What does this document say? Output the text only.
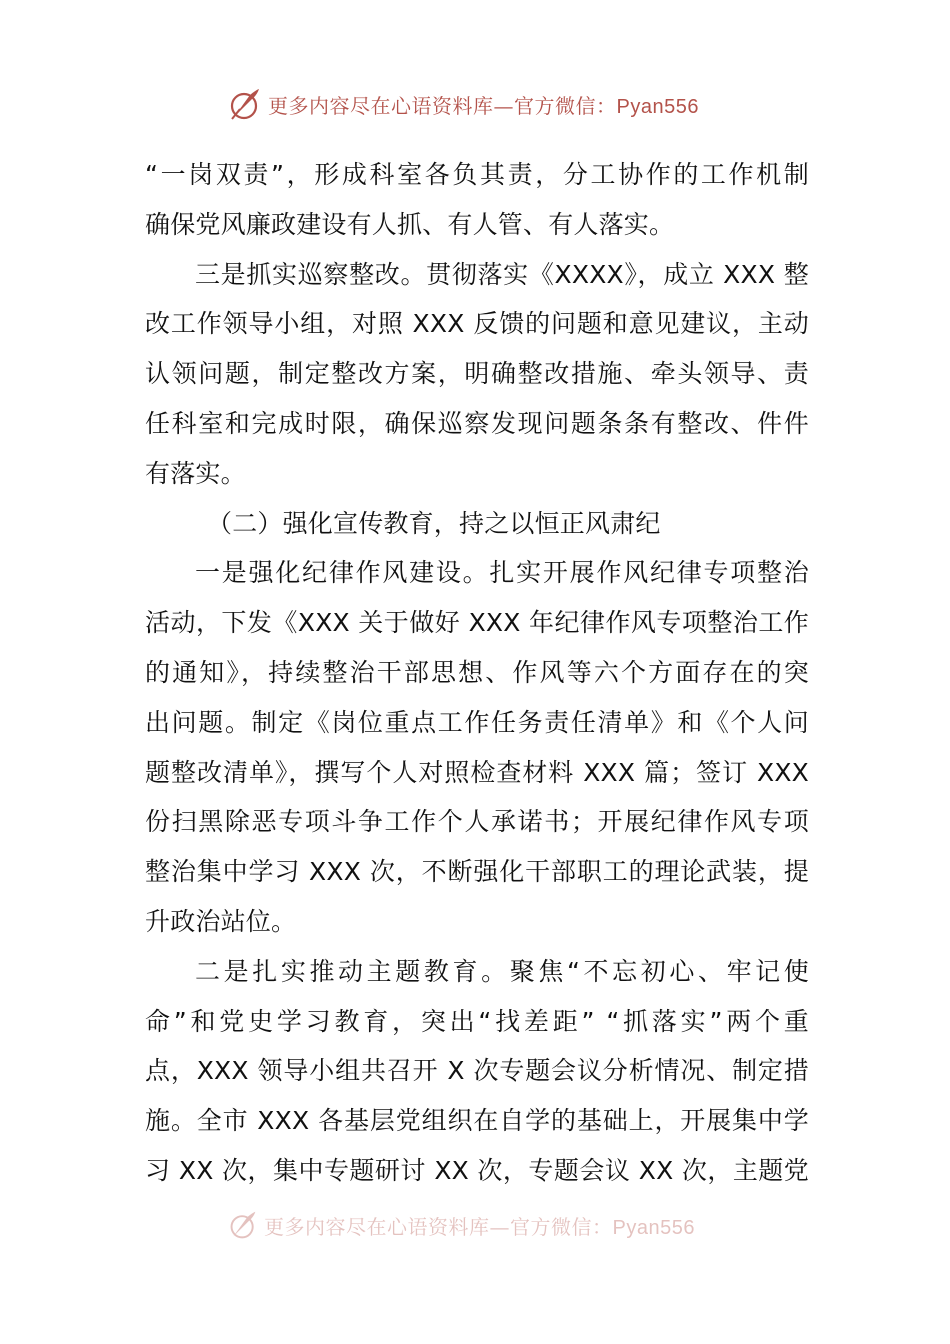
更多内容尽在心语资料库—官方微信：Pyan556
“一岗双责”，形成科室各负其责，分工协作的工作机制
确保党风廉政建设有人抓、有人管、有人落实。
三是抓实巡察整改。贯彻落实《XXXX》，成立 XXX 整
改工作领导小组，对照 XXX 反馈的问题和意见建议，主动
认领问题，制定整改方案，明确整改措施、牵头领导、责
任科室和完成时限，确保巡察发现问题条条有整改、件件
有落实。
（二）强化宣传教育，持之以恒正风肃纪
一是强化纪律作风建设。扎实开展作风纪律专项整治
活动，下发《XXX 关于做好 XXX 年纪律作风专项整治工作
的通知》，持续整治干部思想、作风等六个方面存在的突
出问题。制定《岗位重点工作任务责任清单》和《个人问
题整改清单》，撰写个人对照检查材料 XXX 篇；签订 XXX
份扫黑除恶专项斗争工作个人承诺书；开展纪律作风专项
整治集中学习 XXX 次，不断强化干部职工的理论武装，提
升政治站位。
二是扎实推动主题教育。聚焦“不忘初心、牢记使
命”和党史学习教育，突出“找差距” “抓落实”两个重
点，XXX 领导小组共召开 X 次专题会议分析情况、制定措
施。全市 XXX 各基层党组织在自学的基础上，开展集中学
习 XX 次，集中专题研讨 XX 次，专题会议 XX 次，主题党
更多内容尽在心语资料库—官方微信：Pyan556
